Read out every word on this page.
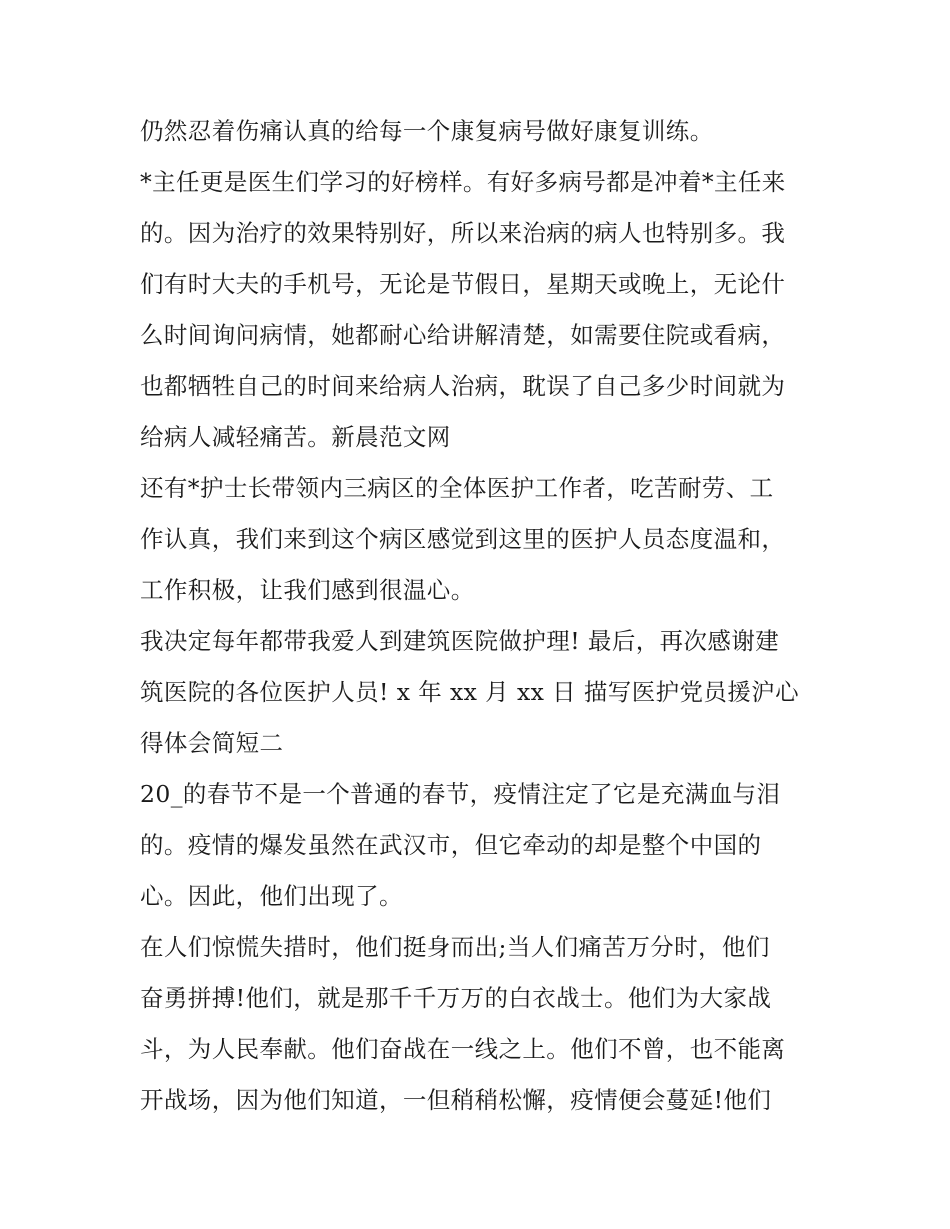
仍然忍着伤痛认真的给每一个康复病号做好康复训练。
*主任更是医生们学习的好榜样。有好多病号都是冲着*主任来
的。因为治疗的效果特别好，所以来治病的病人也特别多。我
们有时大夫的手机号，无论是节假日，星期天或晚上，无论什
么时间询问病情，她都耐心给讲解清楚，如需要住院或看病，
也都牺牲自己的时间来给病人治病，耽误了自己多少时间就为
给病人减轻痛苦。新晨范文网
还有*护士长带领内三病区的全体医护工作者，吃苦耐劳、工
作认真，我们来到这个病区感觉到这里的医护人员态度温和，
工作积极，让我们感到很温心。
我决定每年都带我爱人到建筑医院做护理! 最后，再次感谢建
筑医院的各位医护人员! x 年 xx 月 xx 日 描写医护党员援沪心
得体会简短二
20_的春节不是一个普通的春节，疫情注定了它是充满血与泪
的。疫情的爆发虽然在武汉市，但它牵动的却是整个中国的
心。因此，他们出现了。
在人们惊慌失措时，他们挺身而出;当人们痛苦万分时，他们
奋勇拼搏!他们，就是那千千万万的白衣战士。他们为大家战
斗，为人民奉献。他们奋战在一线之上。他们不曾，也不能离
开战场，因为他们知道，一但稍稍松懈，疫情便会蔓延!他们
